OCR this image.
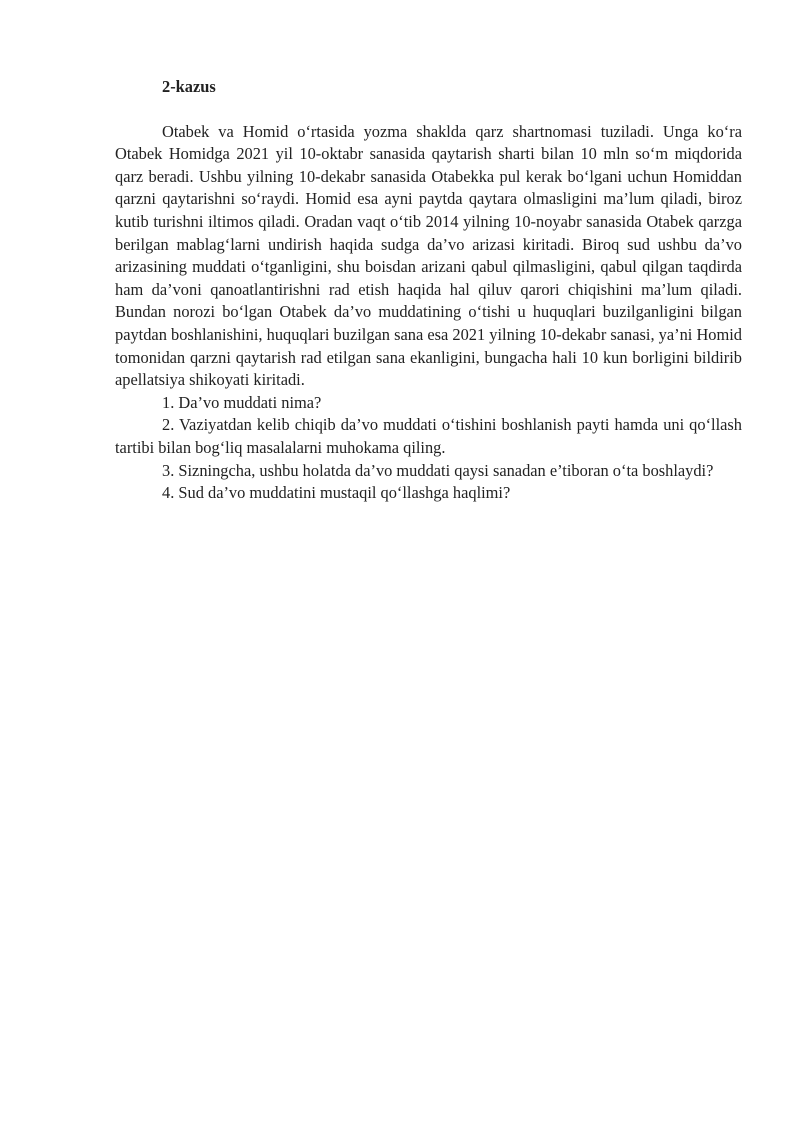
2-kazus

Otabek va Homid o‘rtasida yozma shaklda qarz shartnomasi tuziladi. Unga ko‘ra Otabek Homidga 2021 yil 10-oktabr sanasida qaytarish sharti bilan 10 mln so‘m miqdorida qarz beradi. Ushbu yilning 10-dekabr sanasida Otabekka pul kerak bo‘lgani uchun Homiddan qarzni qaytarishni so‘raydi. Homid esa ayni paytda qaytara olmasligini ma’lum qiladi, biroz kutib turishni iltimos qiladi. Oradan vaqt o‘tib 2014 yilning 10-noyabr sanasida Otabek qarzga berilgan mablag‘larni undirish haqida sudga da’vo arizasi kiritadi. Biroq sud ushbu da’vo arizasining muddati o‘tganligini, shu boisdan arizani qabul qilmasligini, qabul qilgan taqdirda ham da’voni qanoatlantirishni rad etish haqida hal qiluv qarori chiqishini ma’lum qiladi. Bundan norozi bo‘lgan Otabek da’vo muddatining o‘tishi u huquqlari buzilganligini bilgan paytdan boshlanishini, huquqlari buzilgan sana esa 2021 yilning 10-dekabr sanasi, ya’ni Homid tomonidan qarzni qaytarish rad etilgan sana ekanligini, bungacha hali 10 kun borligini bildirib apellatsiya shikoyati kiritadi.

1. Da’vo muddati nima?

2. Vaziyatdan kelib chiqib da’vo muddati o‘tishini boshlanish payti hamda uni qo‘llash tartibi bilan bog‘liq masalalarni muhokama qiling.

3. Sizningcha, ushbu holatda da’vo muddati qaysi sanadan e’tiboran o‘ta boshlaydi?

4. Sud da’vo muddatini mustaqil qo‘llashga haqlimi?
